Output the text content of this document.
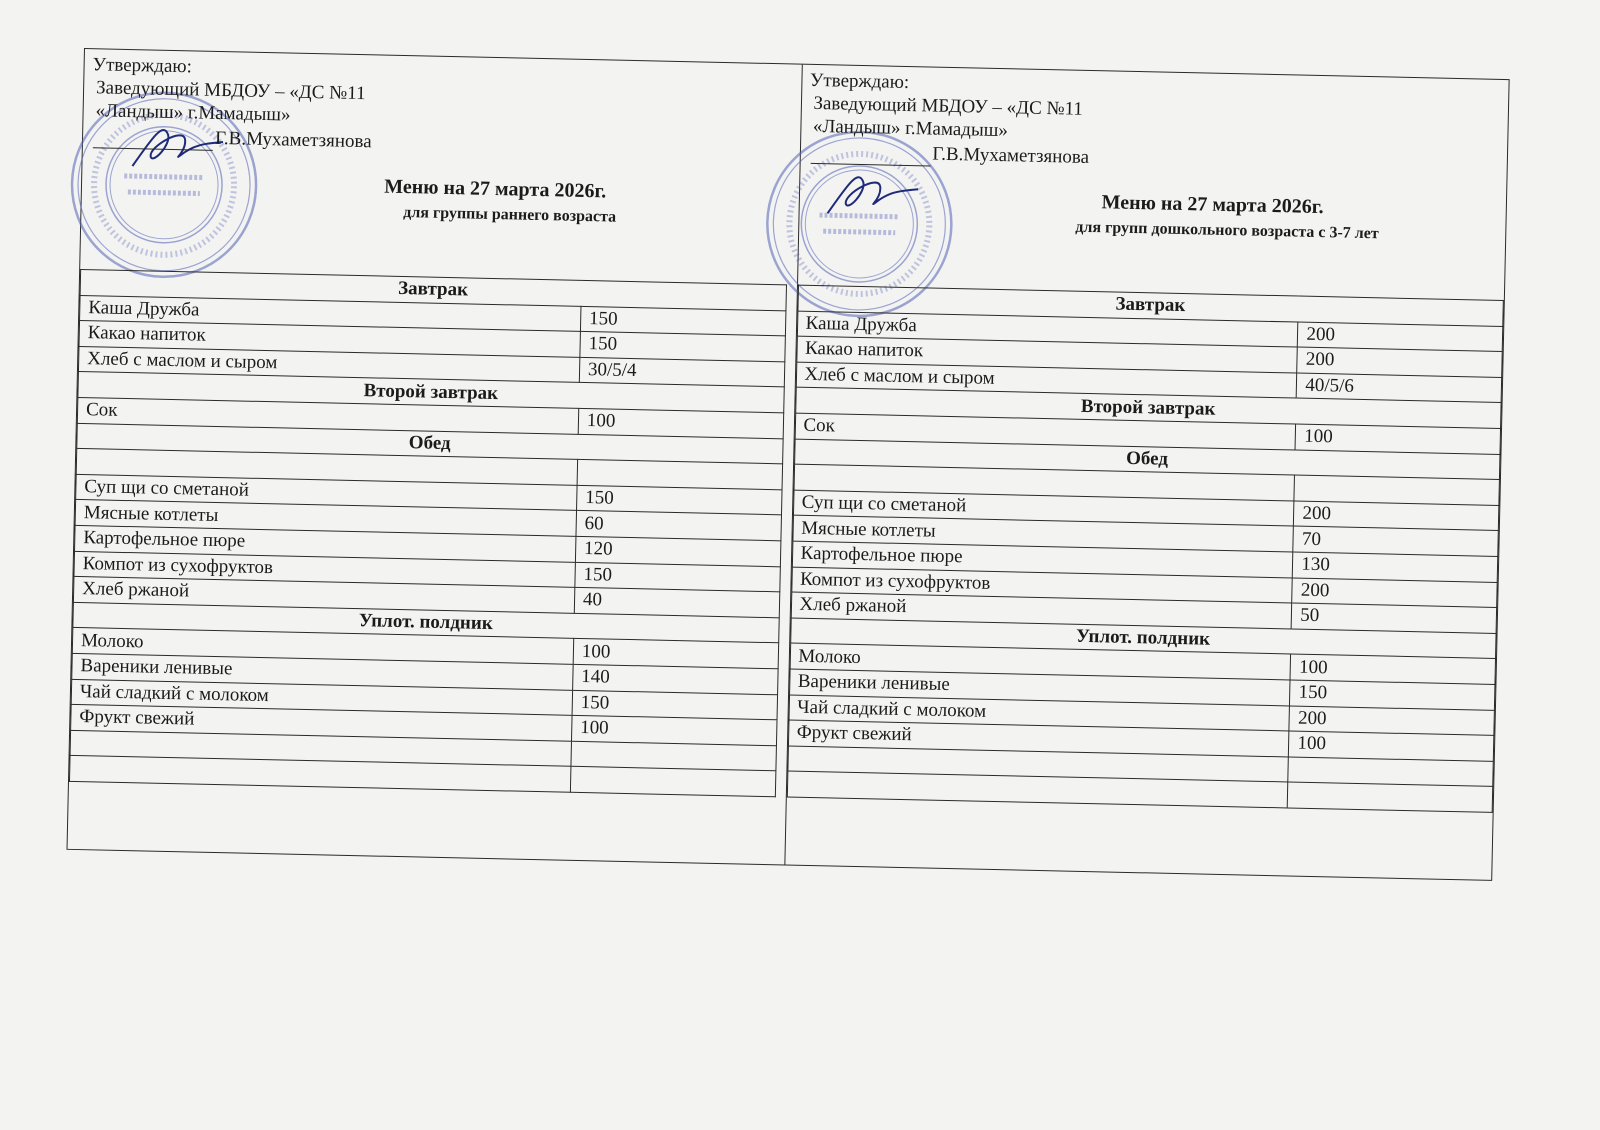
Утверждаю:
Заведующий МБДОУ – «ДС №11
«Ландыш» г.Мамадыш»
Г.В.Мухаметзянова
Меню на 27 марта 2026г.
для группы раннего возраста
Завтрак	
Каша Дружба	150
Какао напиток	150
Хлеб с маслом и сыром	30/5/4
Второй завтрак	
Сок	100
Обед	

Суп щи со сметаной	150
Мясные котлеты	60
Картофельное пюре	120
Компот из сухофруктов	150
Хлеб ржаной	40
Уплот. полдник	
Молоко	100
Вареники ленивые	140
Чай сладкий с молоком	150
Фрукт свежий	100

Утверждаю:
Заведующий МБДОУ – «ДС №11
«Ландыш» г.Мамадыш»
Г.В.Мухаметзянова
Меню на 27 марта 2026г.
для групп дошкольного возраста с 3-7 лет
Завтрак	
Каша Дружба	200
Какао напиток	200
Хлеб с маслом и сыром	40/5/6
Второй завтрак	
Сок	100
Обед	

Суп щи со сметаной	200
Мясные котлеты	70
Картофельное пюре	130
Компот из сухофруктов	200
Хлеб ржаной	50
Уплот. полдник	
Молоко	100
Вареники ленивые	150
Чай сладкий с молоком	200
Фрукт свежий	100
